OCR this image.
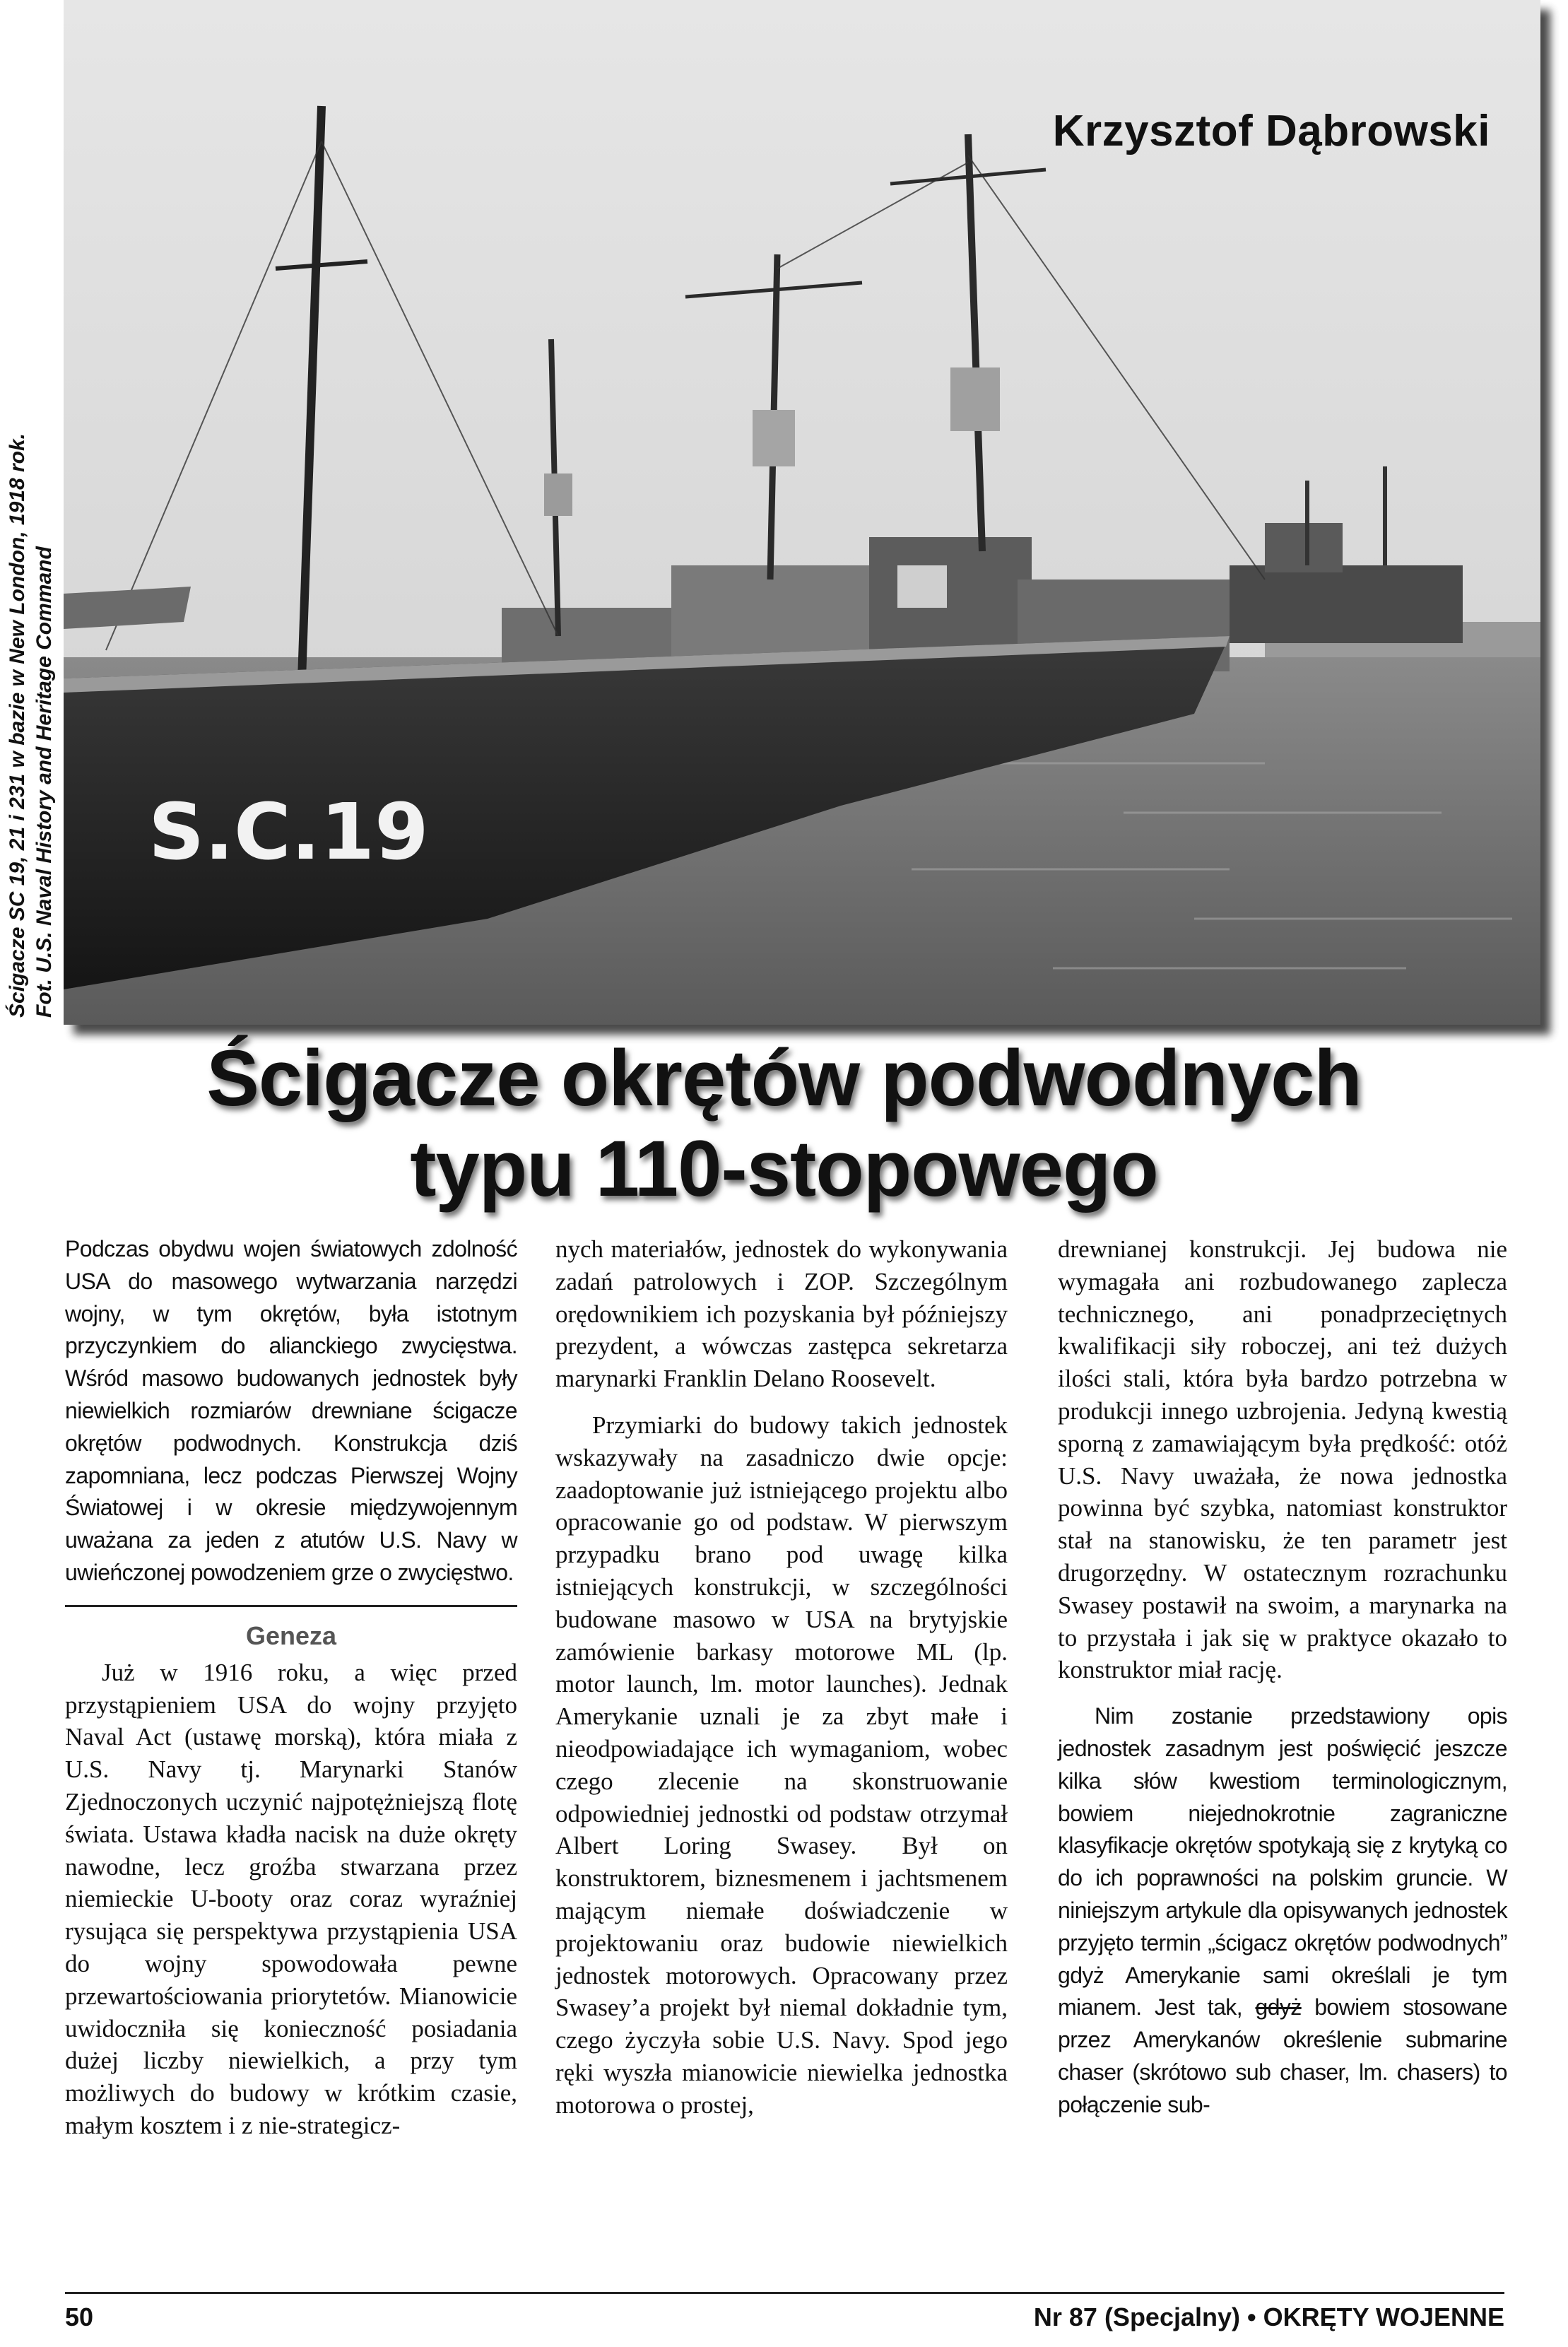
S.C.19
Krzysztof Dąbrowski
Ścigacze SC 19, 21 i 231 w bazie w New London, 1918 rok. Fot. U.S. Naval History and Heritage Command
Ścigacze okrętów podwodnych
typu 110-stopowego

Podczas obydwu wojen światowych zdolność USA do masowego wytwarzania narzędzi wojny, w tym okrętów, była istotnym przyczynkiem do alianckiego zwycięstwa. Wśród masowo budowanych jednostek były niewielkich rozmiarów drewniane ścigacze okrętów podwodnych. Konstrukcja dziś zapomniana, lecz podczas Pierwszej Wojny Światowej i w okresie międzywojennym uważana za jeden z atutów U.S. Navy w uwieńczonej powodzeniem grze o zwycięstwo.

Geneza

Już w 1916 roku, a więc przed przystąpieniem USA do wojny przyjęto Naval Act (ustawę morską), która miała z U.S. Navy tj. Marynarki Stanów Zjednoczonych uczynić najpotężniejszą flotę świata. Ustawa kładła nacisk na duże okręty nawodne, lecz groźba stwarzana przez niemieckie U-booty oraz coraz wyraźniej rysująca się perspektywa przystąpienia USA do wojny spowodowała pewne przewartościowania priorytetów. Mianowicie uwidoczniła się konieczność posiadania dużej liczby niewielkich, a przy tym możliwych do budowy w krótkim czasie, małym kosztem i z nie-strategicz-

nych materiałów, jednostek do wykonywania zadań patrolowych i ZOP. Szczególnym orędownikiem ich pozyskania był późniejszy prezydent, a wówczas zastępca sekretarza marynarki Franklin Delano Roosevelt.

Przymiarki do budowy takich jednostek wskazywały na zasadniczo dwie opcje: zaadoptowanie już istniejącego projektu albo opracowanie go od podstaw. W pierwszym przypadku brano pod uwagę kilka istniejących konstrukcji, w szczególności budowane masowo w USA na brytyjskie zamówienie barkasy motorowe ML (lp. motor launch, lm. motor launches). Jednak Amerykanie uznali je za zbyt małe i nieodpowiadające ich wymaganiom, wobec czego zlecenie na skonstruowanie odpowiedniej jednostki od podstaw otrzymał Albert Loring Swasey. Był on konstruktorem, biznesmenem i jachtsmenem mającym niemałe doświadczenie w projektowaniu oraz budowie niewielkich jednostek motorowych. Opracowany przez Swasey’a projekt był niemal dokładnie tym, czego życzyła sobie U.S. Navy. Spod jego ręki wyszła mianowicie niewielka jednostka motorowa o prostej,

drewnianej konstrukcji. Jej budowa nie wymagała ani rozbudowanego zaplecza technicznego, ani ponadprzeciętnych kwalifikacji siły roboczej, ani też dużych ilości stali, która była bardzo potrzebna w produkcji innego uzbrojenia. Jedyną kwestią sporną z zamawiającym była prędkość: otóż U.S. Navy uważała, że nowa jednostka powinna być szybka, natomiast konstruktor stał na stanowisku, że ten parametr jest drugorzędny. W ostatecznym rozrachunku Swasey postawił na swoim, a marynarka na to przystała i jak się w praktyce okazało to konstruktor miał rację.

Nim zostanie przedstawiony opis jednostek zasadnym jest poświęcić jeszcze kilka słów kwestiom terminologicznym, bowiem niejednokrotnie zagraniczne klasyfikacje okrętów spotykają się z krytyką co do ich poprawności na polskim gruncie. W niniejszym artykule dla opisywanych jednostek przyjęto termin „ścigacz okrętów podwodnych” gdyż Amerykanie sami określali je tym mianem. Jest tak, gdyż bowiem stosowane przez Amerykanów określenie submarine chaser (skrótowo sub chaser, lm. chasers) to połączenie sub-

50	Nr 87 (Specjalny) • OKRĘTY WOJENNE
